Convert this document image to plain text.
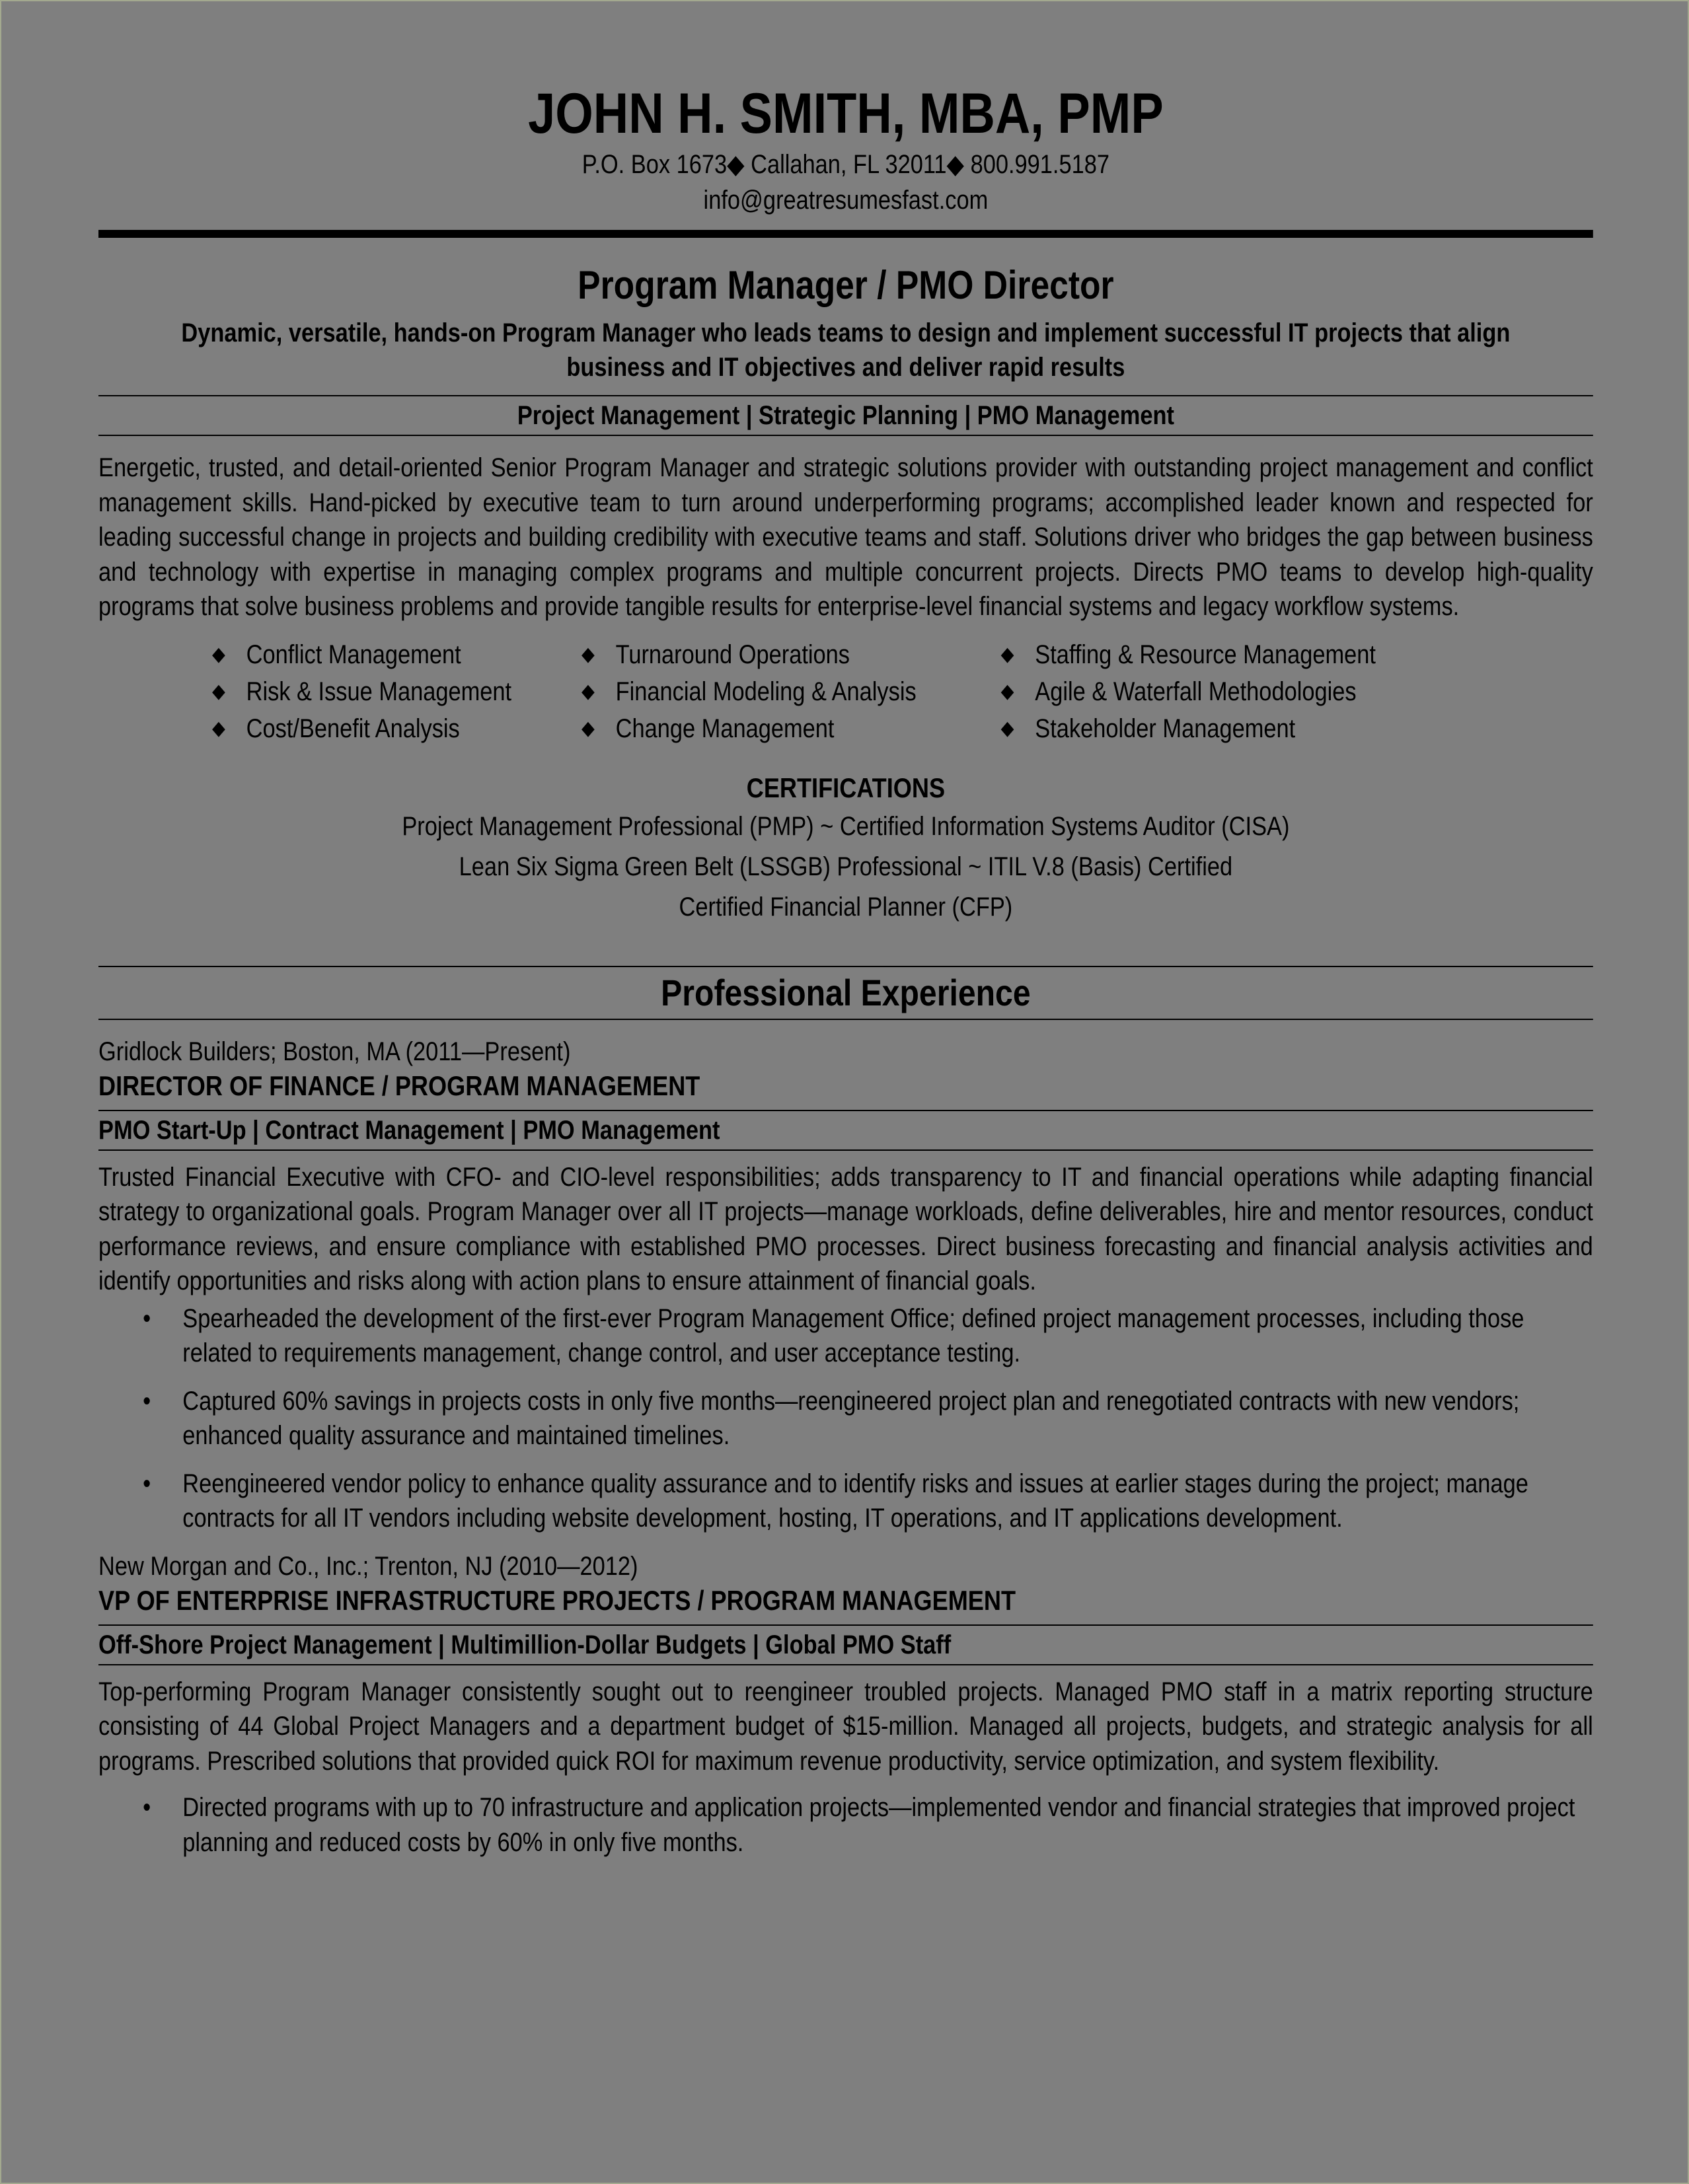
JOHN H. SMITH, MBA, PMP
P.O. Box 1673◆ Callahan, FL 32011◆ 800.991.5187
info@greatresumesfast.com
Program Manager / PMO Director
Dynamic, versatile, hands-on Program Manager who leads teams to design and implement successful IT projects that align
business and IT objectives and deliver rapid results
Project Management | Strategic Planning | PMO Management
Energetic, trusted, and detail-oriented Senior Program Manager and strategic solutions provider with outstanding project management and conflict management skills. Hand-picked by executive team to turn around underperforming programs; accomplished leader known and respected for leading successful change in projects and building credibility with executive teams and staff. Solutions driver who bridges the gap between business and technology with expertise in managing complex programs and multiple concurrent projects. Directs PMO teams to develop high-quality programs that solve business problems and provide tangible results for enterprise-level financial systems and legacy workflow systems.
◆ Conflict Management
◆ Risk & Issue Management
◆ Cost/Benefit Analysis
◆ Turnaround Operations
◆ Financial Modeling & Analysis
◆ Change Management
◆ Staffing & Resource Management
◆ Agile & Waterfall Methodologies
◆ Stakeholder Management
CERTIFICATIONS
Project Management Professional (PMP) ~ Certified Information Systems Auditor (CISA)
Lean Six Sigma Green Belt (LSSGB) Professional ~ ITIL V.8 (Basis) Certified
Certified Financial Planner (CFP)
Professional Experience
Gridlock Builders; Boston, MA (2011—Present)
DIRECTOR OF FINANCE / PROGRAM MANAGEMENT
PMO Start-Up | Contract Management | PMO Management
Trusted Financial Executive with CFO- and CIO-level responsibilities; adds transparency to IT and financial operations while adapting financial strategy to organizational goals. Program Manager over all IT projects—manage workloads, define deliverables, hire and mentor resources, conduct performance reviews, and ensure compliance with established PMO processes. Direct business forecasting and financial analysis activities and identify opportunities and risks along with action plans to ensure attainment of financial goals.
•	Spearheaded the development of the first-ever Program Management Office; defined project management processes, including those related to requirements management, change control, and user acceptance testing.
•	Captured 60% savings in projects costs in only five months—reengineered project plan and renegotiated contracts with new vendors; enhanced quality assurance and maintained timelines.
•	Reengineered vendor policy to enhance quality assurance and to identify risks and issues at earlier stages during the project; manage contracts for all IT vendors including website development, hosting, IT operations, and IT applications development.
New Morgan and Co., Inc.; Trenton, NJ (2010—2012)
VP OF ENTERPRISE INFRASTRUCTURE PROJECTS / PROGRAM MANAGEMENT
Off-Shore Project Management | Multimillion-Dollar Budgets | Global PMO Staff
Top-performing Program Manager consistently sought out to reengineer troubled projects. Managed PMO staff in a matrix reporting structure consisting of 44 Global Project Managers and a department budget of $15-million. Managed all projects, budgets, and strategic analysis for all programs. Prescribed solutions that provided quick ROI for maximum revenue productivity, service optimization, and system flexibility.
•	Directed programs with up to 70 infrastructure and application projects—implemented vendor and financial strategies that improved project planning and reduced costs by 60% in only five months.
